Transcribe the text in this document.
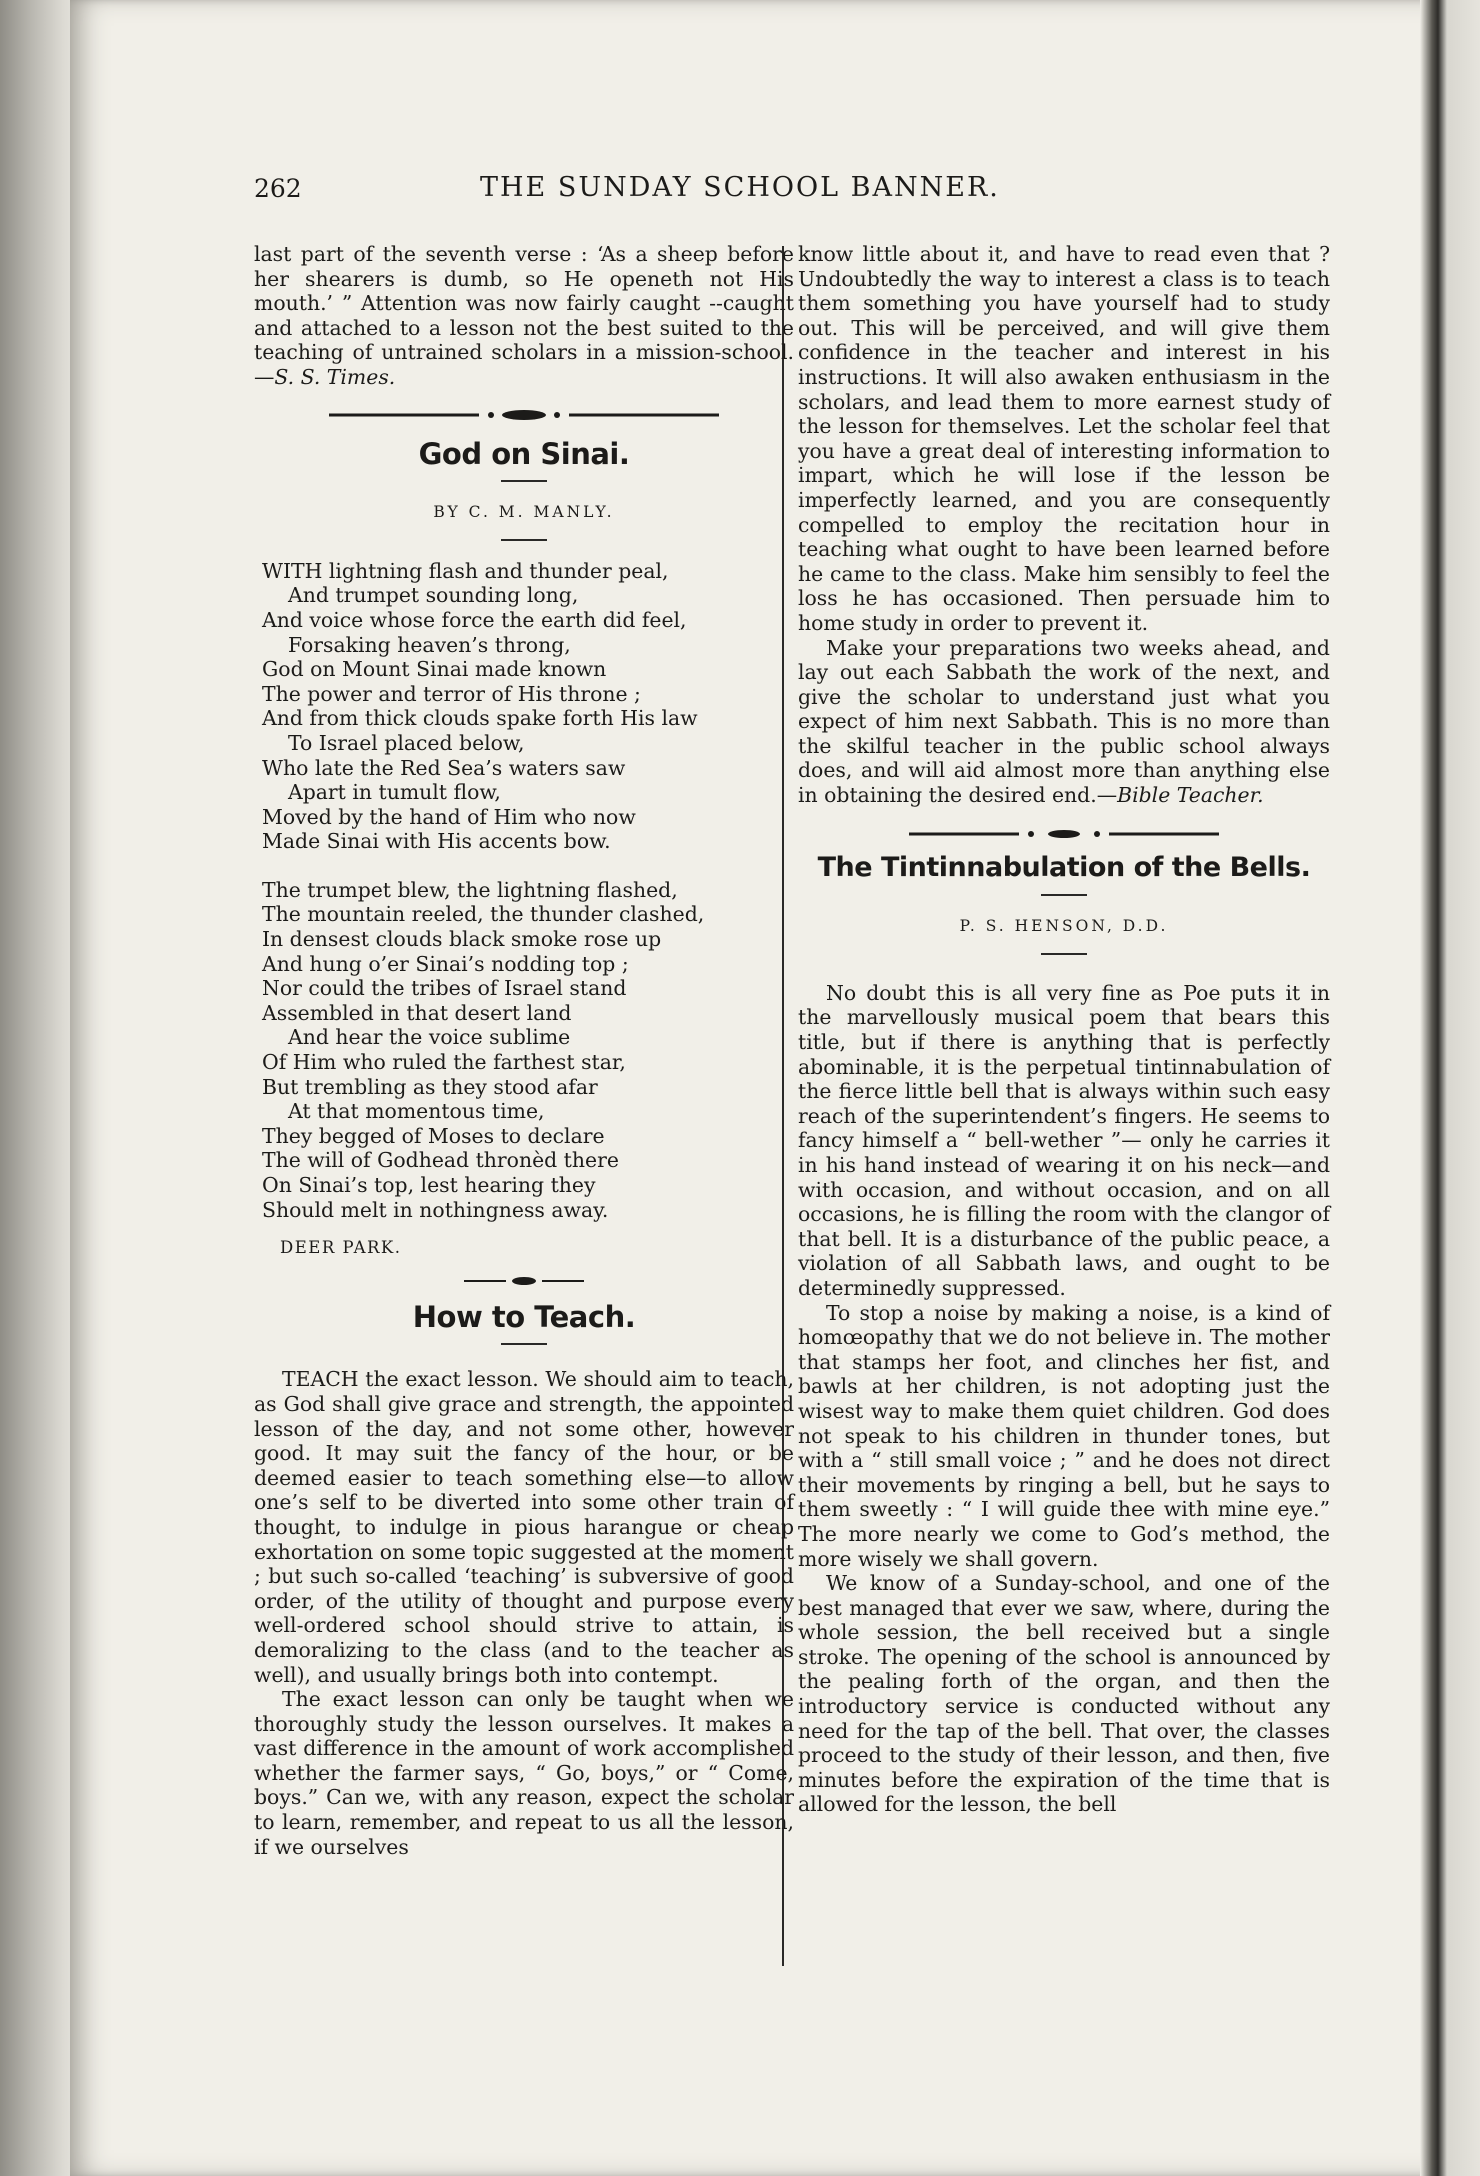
262	THE SUNDAY SCHOOL BANNER.

last part of the seventh verse : ‘As a sheep before her shearers is dumb, so He openeth not His mouth.’ ” Attention was now fairly caught --caught and attached to a lesson not the best suited to the teaching of untrained scholars in a mission-school.—S. S. Times.

God on Sinai.
BY C. M. MANLY.
WITH lightning flash and thunder peal,
And trumpet sounding long,
And voice whose force the earth did feel,
Forsaking heaven’s throng,
God on Mount Sinai made known
The power and terror of His throne ;
And from thick clouds spake forth His law
To Israel placed below,
Who late the Red Sea’s waters saw
Apart in tumult flow,
Moved by the hand of Him who now
Made Sinai with His accents bow.
The trumpet blew, the lightning flashed,
The mountain reeled, the thunder clashed,
In densest clouds black smoke rose up
And hung o’er Sinai’s nodding top ;
Nor could the tribes of Israel stand
Assembled in that desert land
And hear the voice sublime
Of Him who ruled the farthest star,
But trembling as they stood afar
At that momentous time,
They begged of Moses to declare
The will of Godhead thronèd there
On Sinai’s top, lest hearing they
Should melt in nothingness away.
DEER PARK.
How to Teach.

TEACH the exact lesson. We should aim to teach, as God shall give grace and strength, the appointed lesson of the day, and not some other, however good. It may suit the fancy of the hour, or be deemed easier to teach something else—to allow one’s self to be diverted into some other train of thought, to indulge in pious harangue or cheap exhortation on some topic suggested at the moment ; but such so-called ‘teaching’ is subversive of good order, of the utility of thought and purpose every well-ordered school should strive to attain, is demoralizing to the class (and to the teacher as well), and usually brings both into contempt.

The exact lesson can only be taught when we thoroughly study the lesson ourselves. It makes a vast difference in the amount of work accomplished whether the farmer says, “ Go, boys,” or “ Come, boys.” Can we, with any reason, expect the scholar to learn, remember, and repeat to us all the lesson, if we ourselves

know little about it, and have to read even that ? Undoubtedly the way to interest a class is to teach them something you have yourself had to study out. This will be perceived, and will give them confidence in the teacher and interest in his instructions. It will also awaken enthusiasm in the scholars, and lead them to more earnest study of the lesson for themselves. Let the scholar feel that you have a great deal of interesting information to impart, which he will lose if the lesson be imperfectly learned, and you are consequently compelled to employ the recitation hour in teaching what ought to have been learned before he came to the class. Make him sensibly to feel the loss he has occasioned. Then persuade him to home study in order to prevent it.

Make your preparations two weeks ahead, and lay out each Sabbath the work of the next, and give the scholar to understand just what you expect of him next Sabbath. This is no more than the skilful teacher in the public school always does, and will aid almost more than anything else in obtaining the desired end.—Bible Teacher.

The Tintinnabulation of the Bells.
P. S. HENSON, D.D.

No doubt this is all very fine as Poe puts it in the marvellously musical poem that bears this title, but if there is anything that is perfectly abominable, it is the perpetual tintinnabulation of the fierce little bell that is always within such easy reach of the superintendent’s fingers. He seems to fancy himself a “ bell-wether ”— only he carries it in his hand instead of wearing it on his neck—and with occasion, and without occasion, and on all occasions, he is filling the room with the clangor of that bell. It is a disturbance of the public peace, a violation of all Sabbath laws, and ought to be determinedly suppressed.

To stop a noise by making a noise, is a kind of homœopathy that we do not believe in. The mother that stamps her foot, and clinches her fist, and bawls at her children, is not adopting just the wisest way to make them quiet children. God does not speak to his children in thunder tones, but with a “ still small voice ; ” and he does not direct their movements by ringing a bell, but he says to them sweetly : “ I will guide thee with mine eye.” The more nearly we come to God’s method, the more wisely we shall govern.

We know of a Sunday-school, and one of the best managed that ever we saw, where, during the whole session, the bell received but a single stroke. The opening of the school is announced by the pealing forth of the organ, and then the introductory service is conducted without any need for the tap of the bell. That over, the classes proceed to the study of their lesson, and then, five minutes before the expiration of the time that is allowed for the lesson, the bell
